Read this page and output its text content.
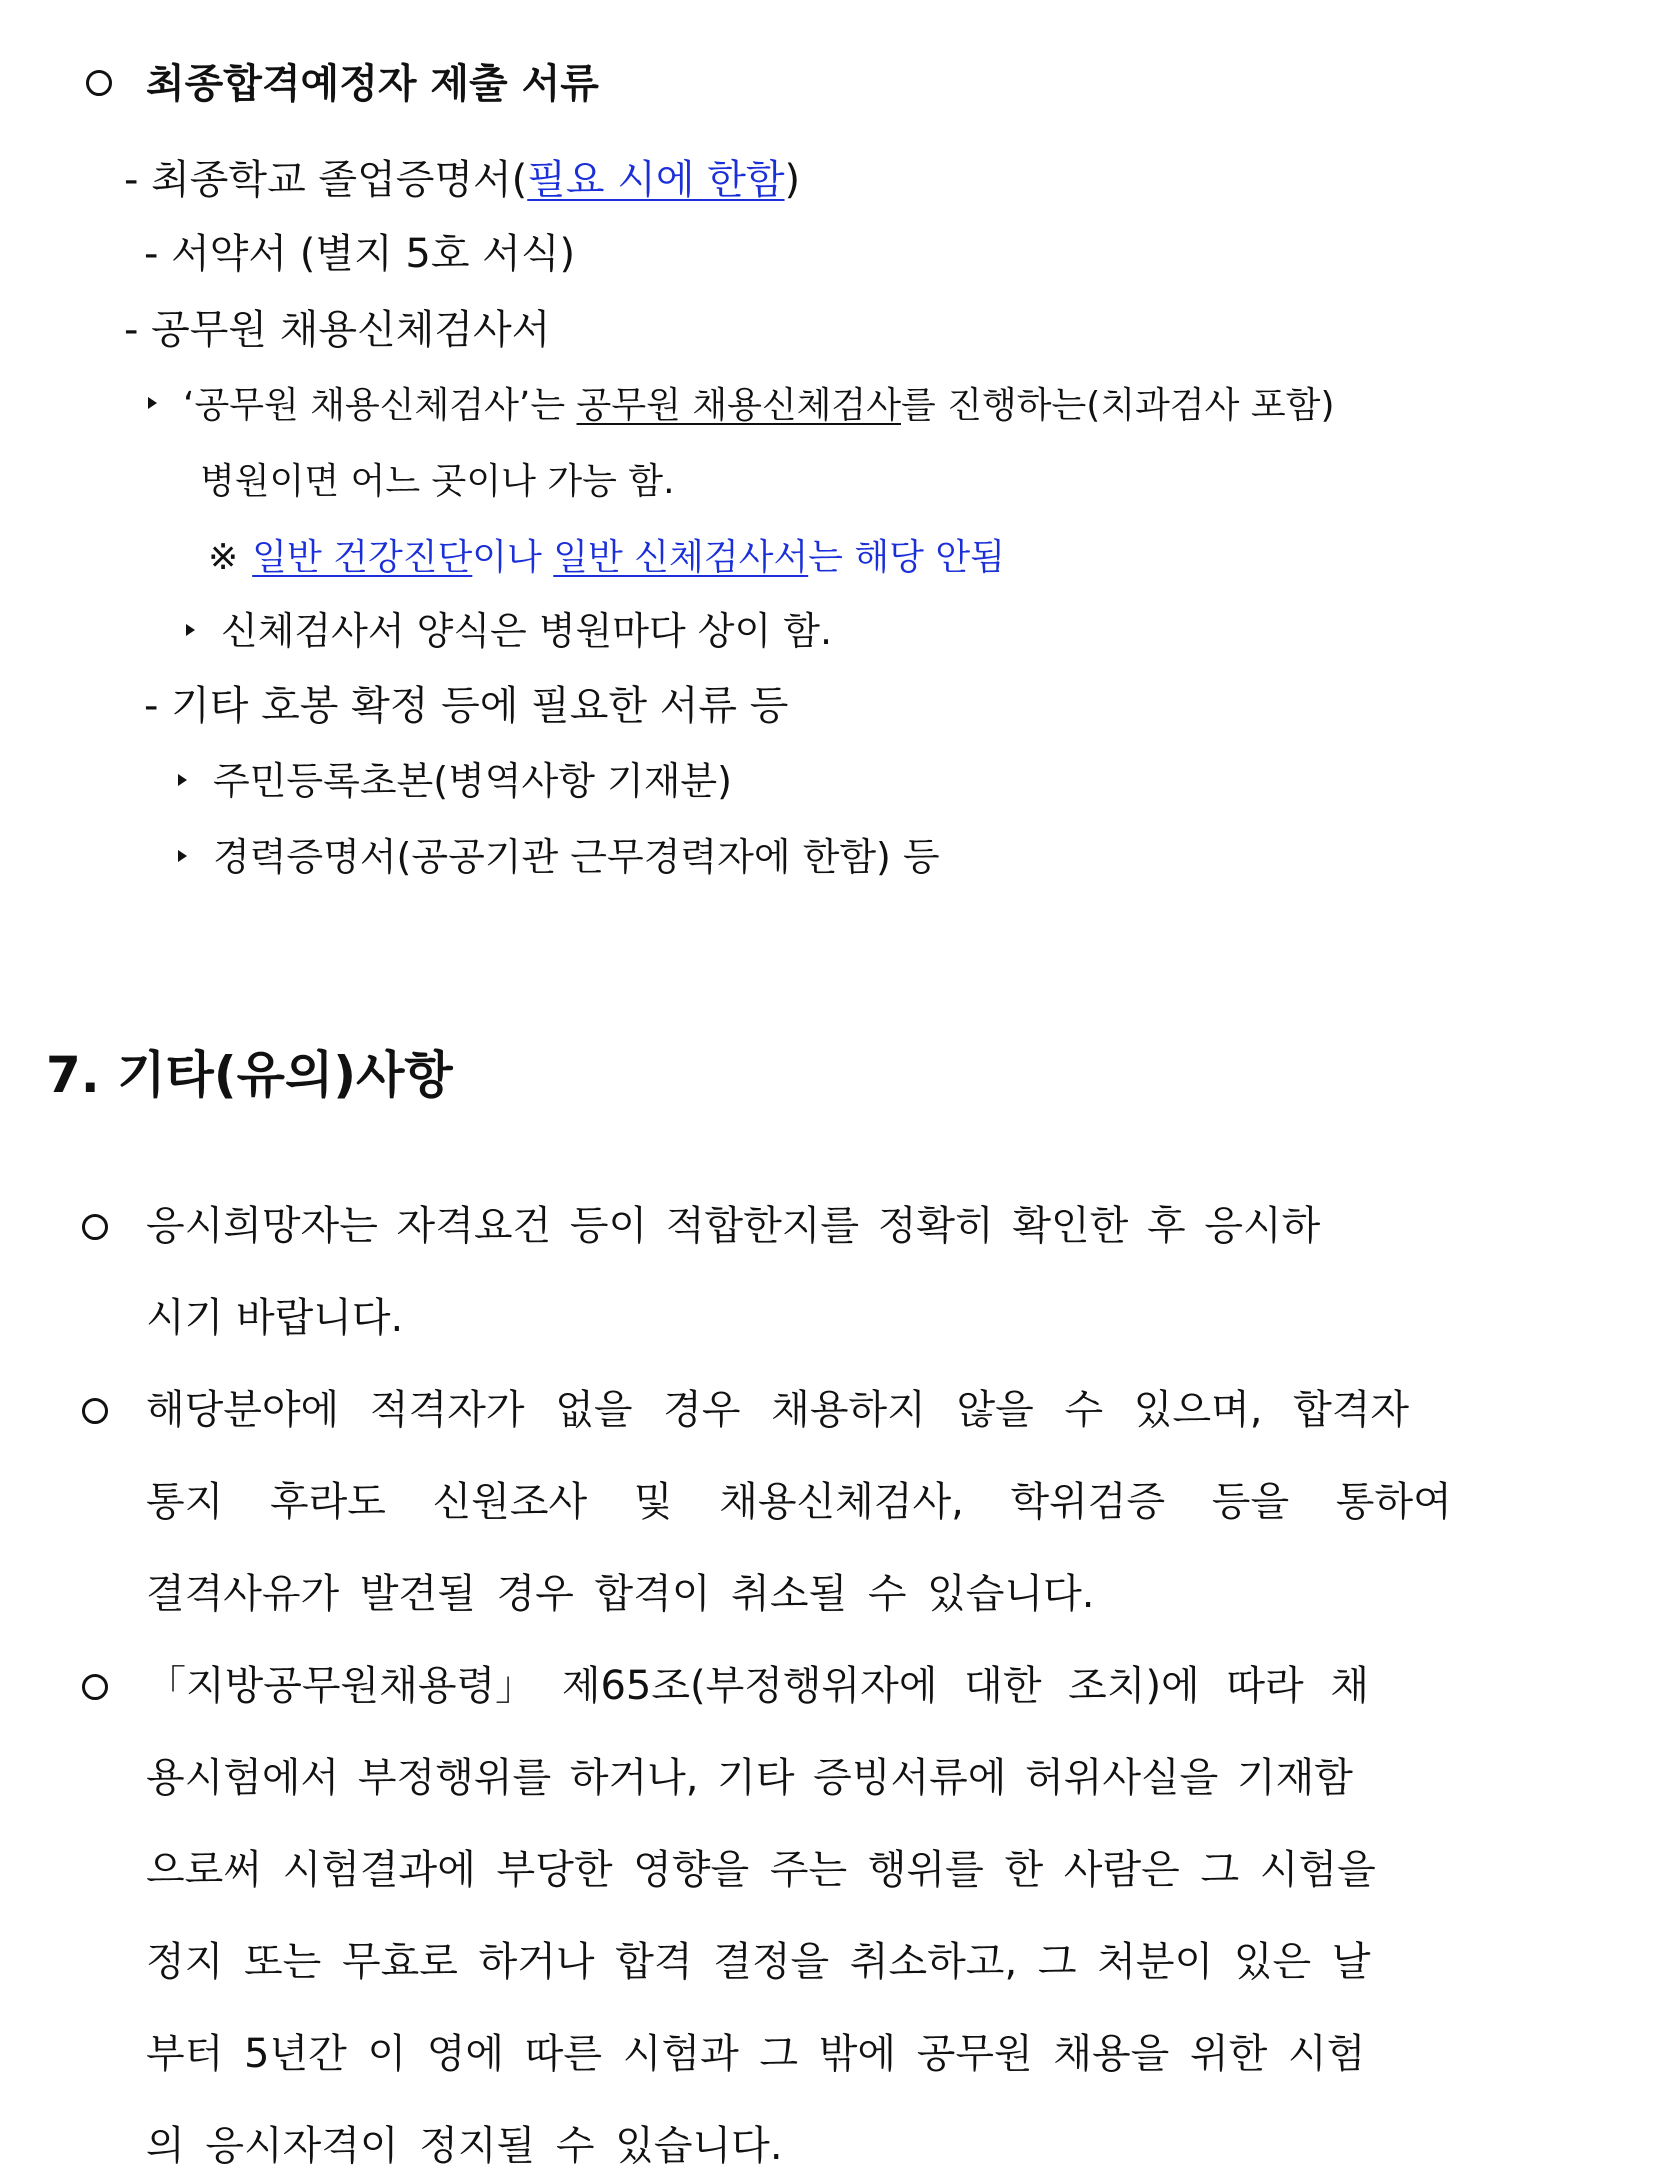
최종합격예정자 제출 서류
- 최종학교 졸업증명서(필요 시에 한함)
- 서약서 (별지 5호 서식)
- 공무원 채용신체검사서
‘공무원 채용신체검사’는 공무원 채용신체검사를 진행하는(치과검사 포함)
병원이면 어느 곳이나 가능 함.
※ 일반 건강진단이나 일반 신체검사서는 해당 안됨
신체검사서 양식은 병원마다 상이 함.
- 기타 호봉 확정 등에 필요한 서류 등
주민등록초본(병역사항 기재분)
경력증명서(공공기관 근무경력자에 한함) 등
7. 기타(유의)사항
응시희망자는 자격요건 등이 적합한지를 정확히 확인한 후 응시하
시기 바랍니다.
해당분야에 적격자가 없을 경우 채용하지 않을 수 있으며, 합격자
통지 후라도 신원조사 및 채용신체검사, 학위검증 등을 통하여
결격사유가 발견될 경우 합격이 취소될 수 있습니다.
「지방공무원채용령」 제65조(부정행위자에 대한 조치)에 따라 채
용시험에서 부정행위를 하거나, 기타 증빙서류에 허위사실을 기재함
으로써 시험결과에 부당한 영향을 주는 행위를 한 사람은 그 시험을
정지 또는 무효로 하거나 합격 결정을 취소하고, 그 처분이 있은 날
부터 5년간 이 영에 따른 시험과 그 밖에 공무원 채용을 위한 시험
의 응시자격이 정지될 수 있습니다.
